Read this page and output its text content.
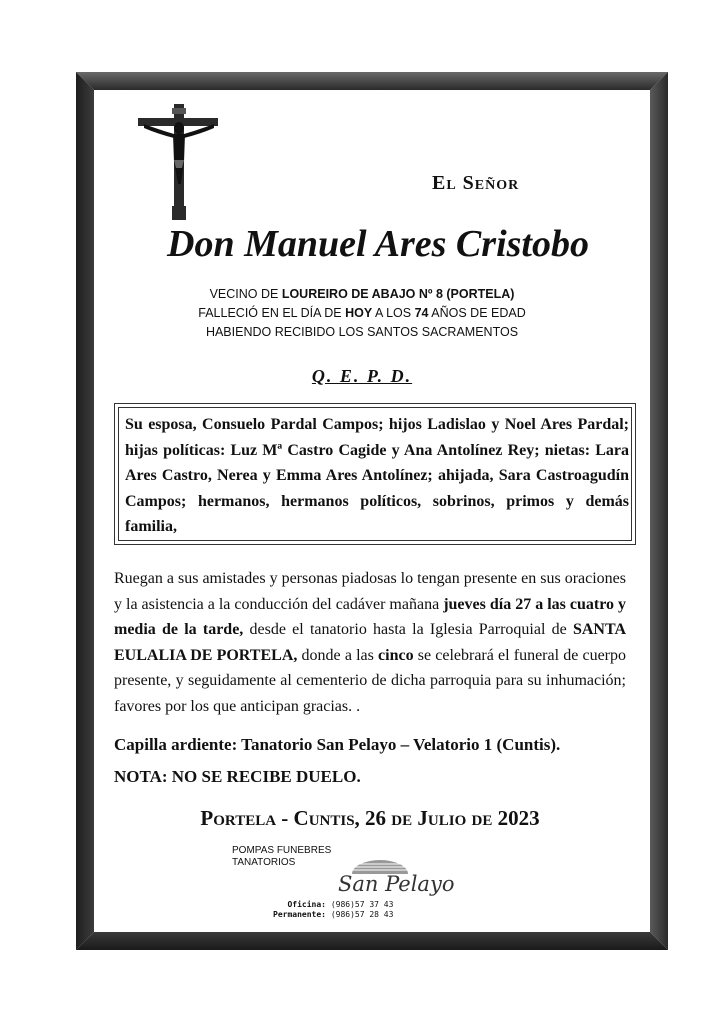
El Señor
Don Manuel Ares Cristobo
VECINO DE LOUREIRO DE ABAJO Nº 8 (PORTELA)
FALLECIÓ EN EL DÍA DE HOY A LOS 74 AÑOS DE EDAD
HABIENDO RECIBIDO LOS SANTOS SACRAMENTOS
Q. E. P. D.
Su esposa, Consuelo Pardal Campos; hijos Ladislao y Noel Ares Pardal; hijas políticas: Luz Mª Castro Cagide y Ana Antolínez Rey; nietas: Lara Ares Castro, Nerea y Emma Ares Antolínez; ahijada, Sara Castroagudín Campos; hermanos, hermanos políticos, sobrinos, primos y demás familia,
Ruegan a sus amistades y personas piadosas lo tengan presente en sus oraciones y la asistencia a la conducción del cadáver mañana jueves día 27 a las cuatro y media de la tarde, desde el tanatorio hasta la Iglesia Parroquial de SANTA EULALIA DE PORTELA, donde a las cinco se celebrará el funeral de cuerpo presente, y seguidamente al cementerio de dicha parroquia para su inhumación; favores por los que anticipan gracias. .
Capilla ardiente: Tanatorio San Pelayo – Velatorio 1 (Cuntis).
NOTA: NO SE RECIBE DUELO.
Portela - Cuntis, 26 de Julio de 2023
POMPAS FUNEBRES
TANATORIOS
San Pelayo
Oficina: (986)57 37 43
Permanente: (986)57 28 43
